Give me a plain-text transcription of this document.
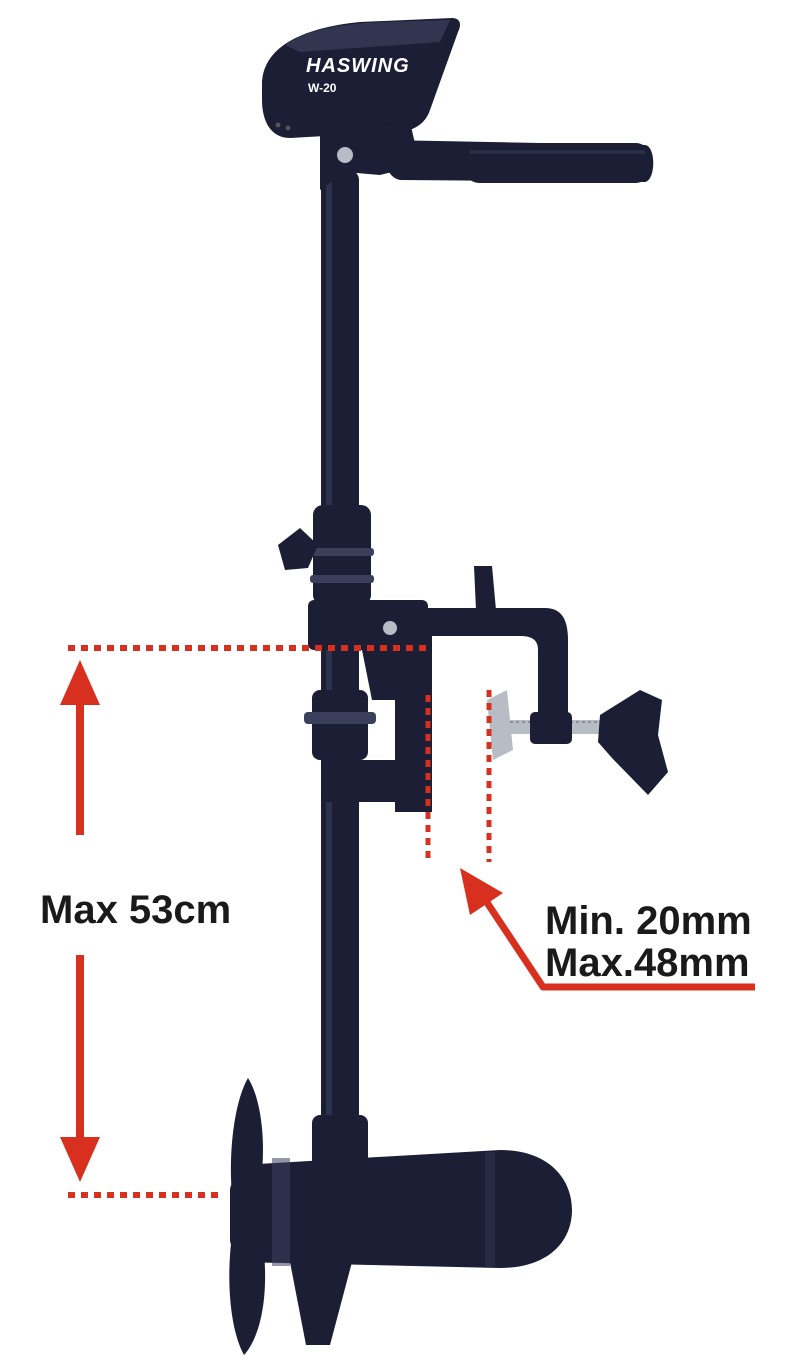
HASWING
W-20
Max 53cm	Min. 20mm
Max.48mm
